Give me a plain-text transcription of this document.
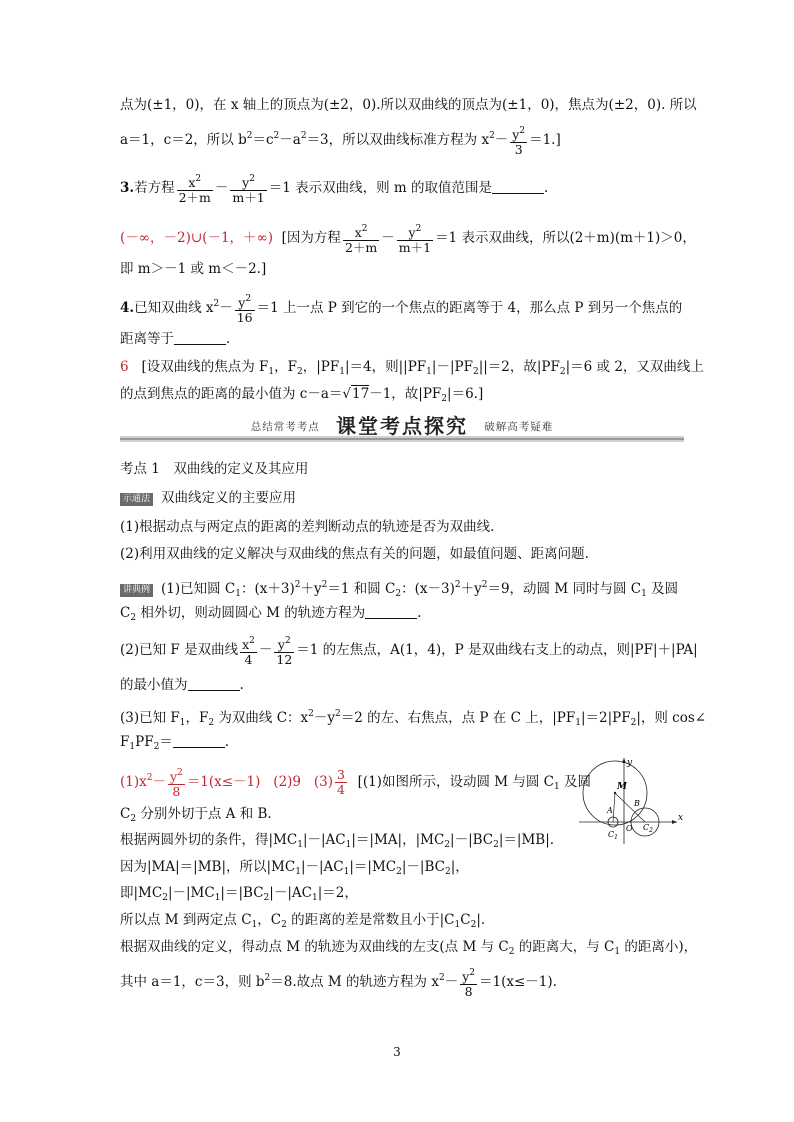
点为(±1，0)，在 x 轴上的顶点为(±2，0).所以双曲线的顶点为(±1，0)，焦点为(±2，0). 所以
a＝1，c＝2，所以 $b^2=c^2-a^2=3$，所以双曲线标准方程为 $x^2- \frac{y^2}{3} =1$.]
3.若方程 $\frac{x^2}{2+m} - \frac{y^2}{m+1} =1$ 表示双曲线，则 m 的取值范围是	.
(－∞，－2)∪(－1，＋∞) [因为方程 $\frac{x^2}{2+m} - \frac{y^2}{m+1} =1$ 表示双曲线，所以(2＋m)(m＋1)＞0，
即 m＞－1 或 m＜－2.]
4.已知双曲线 $x^2- \frac{y^2}{16} =1$ 上一点 P 到它的一个焦点的距离等于 4，那么点 P 到另一个焦点的
距离等于	.
6 [设双曲线的焦点为 $F_1$，$F_2$，$|PF_1|=4$，则$||PF_1|-|PF_2||=2$，故$|PF_2|=6$ 或 2，又双曲线上
的点到焦点的距离的最小值为 c－a＝√17－1，故$|PF_2|=6$.]
$^{总结常考考点}$ 课堂考点探究 $^{破解高考疑难}$
考点 1　双曲线的定义及其应用
示通法 双曲线定义的主要应用
(1)根据动点与两定点的距离的差判断动点的轨迹是否为双曲线.
(2)利用双曲线的定义解决与双曲线的焦点有关的问题，如最值问题、距离问题.
讲典例 (1)已知圆 $C_1$：$(x+3)^2+y^2=1$ 和圆 $C_2$：$(x-3)^2+y^2=9$，动圆 M 同时与圆 $C_1$ 及圆
$C_2$ 相外切，则动圆圆心 M 的轨迹方程为	.
(2)已知 F 是双曲线 $\frac{x^2}{4} - \frac{y^2}{12} =1$ 的左焦点，A(1，4)，P 是双曲线右支上的动点，则|PF|＋|PA|
的最小值为	.
(3)已知 $F_1$，$F_2$ 为双曲线 C：$x^2-y^2=2$ 的左、右焦点，点 P 在 C 上，$|PF_1|=2|PF_2|$，则 cos∠
$F_1PF_2=$	.
$(1)x^2- \frac{y^2}{8} =1(x\le-1)$ (2)9 $(3) \frac{3}{4} [(1)$如图所示，设动圆 M 与圆 $C_1$ 及圆
$C_2$ 分别外切于点 A 和 B.
根据两圆外切的条件，得$|MC_1|-|AC_1|=|MA|$，$|MC_2|-|BC_2|=|MB|$.
因为|MA|＝|MB|，所以$|MC_1|-|AC_1|=|MC_2|-|BC_2|$，
即$|MC_2|-|MC_1|=|BC_2|-|AC_1|=2$，
所以点 M 到两定点 $C_1$，$C_2$ 的距离的差是常数且小于$|C_1C_2|$.
根据双曲线的定义，得动点 M 的轨迹为双曲线的左支(点 M 与 $C_2$ 的距离大，与 $C_1$ 的距离小)，
其中 a＝1，c＝3，则 $b^2=8$.故点 M 的轨迹方程为 $x^2- \frac{y^2}{8} =1(x\le-1)$.
y
x
M
A
B
O
$C_1$
$C_2$
3
